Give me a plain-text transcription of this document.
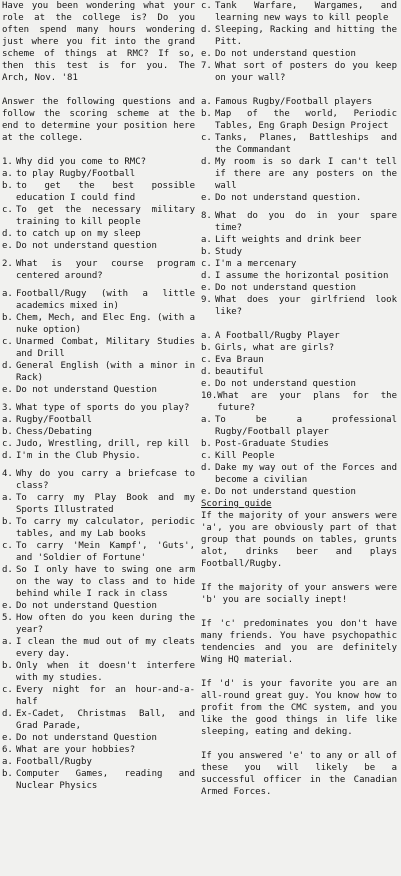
Have you been wondering what your role at the college is? Do you often spend many hours wondering just where you fit into the grand scheme of things at RMC? If so, then this test is for you. The Arch, Nov. '81

Answer the following questions and follow the scoring scheme at the end to determine your position here at the college.

1. Why did you come to RMC?
a. to play Rugby/Football
b. to get the best possible education I could find
c. To get the necessary military training to kill people
d. to catch up on my sleep
e. Do not understand question
2. What is your course program centered around?
a. Football/Rugy (with a little academics mixed in)
b. Chem, Mech, and Elec Eng. (with a nuke option)
c. Unarmed Combat, Military Studies and Drill
d. General English (with a minor in Rack)
e. Do not understand Question
3. What type of sports do you play?
a. Rugby/Football
b. Chess/Debating
c. Judo, Wrestling, drill, rep kill
d. I'm in the Club Physio.
4. Why do you carry a briefcase to class?
a. To carry my Play Book and my Sports Illustrated
b. To carry my calculator, periodic tables, and my Lab books
c. To carry 'Mein Kampf', 'Guts', and 'Soldier of Fortune'
d. So I only have to swing one arm on the way to class and to hide behind while I rack in class
e. Do not understand Question
5. How often do you keen during the year?
a. I clean the mud out of my cleats every day.
b. Only when it doesn't interfere with my studies.
c. Every night for an hour-and-a-half
d. Ex-Cadet, Christmas Ball, and Grad Parade,
e. Do not understand Question
6. What are your hobbies?
a. Football/Rugby
b. Computer Games, reading and Nuclear Physics
c. Tank Warfare, Wargames, and learning new ways to kill people
d. Sleeping, Racking and hitting the Pitt.
e. Do not understand question
7. What sort of posters do you keep on your wall?
a. Famous Rugby/Football players
b. Map of the world, Periodic Tables, Eng Graph Design Project
c. Tanks, Planes, Battleships and the Commandant
d. My room is so dark I can't tell if there are any posters on the wall
e. Do not understand question.
8. What do you do in your spare time?
a. Lift weights and drink beer
b. Study
c. I'm a mercenary
d. I assume the horizontal position
e. Do not understand question
9. What does your girlfriend look like?
a. A Football/Rugby Player
b. Girls, what are girls?
c. Eva Braun
d. beautiful
e. Do not understand question
10. What are your plans for the future?
a. To be a professional Rugby/Football player
b. Post-Graduate Studies
c. Kill People
d. Dake my way out of the Forces and become a civilian
e. Do not understand question
Scoring guide

If the majority of your answers were 'a', you are obviously part of that group that pounds on tables, grunts alot, drinks beer and plays Football/Rugby.

If the majority of your answers were 'b' you are socially inept!

If 'c' predominates you don't have many friends. You have psychopathic tendencies and you are definitely Wing HQ material.

If 'd' is your favorite you are an all-round great guy. You know how to profit from the CMC system, and you like the good things in life like sleeping, eating and deking.

If you answered 'e' to any or all of these you will likely be a successful officer in the Canadian Armed Forces.
